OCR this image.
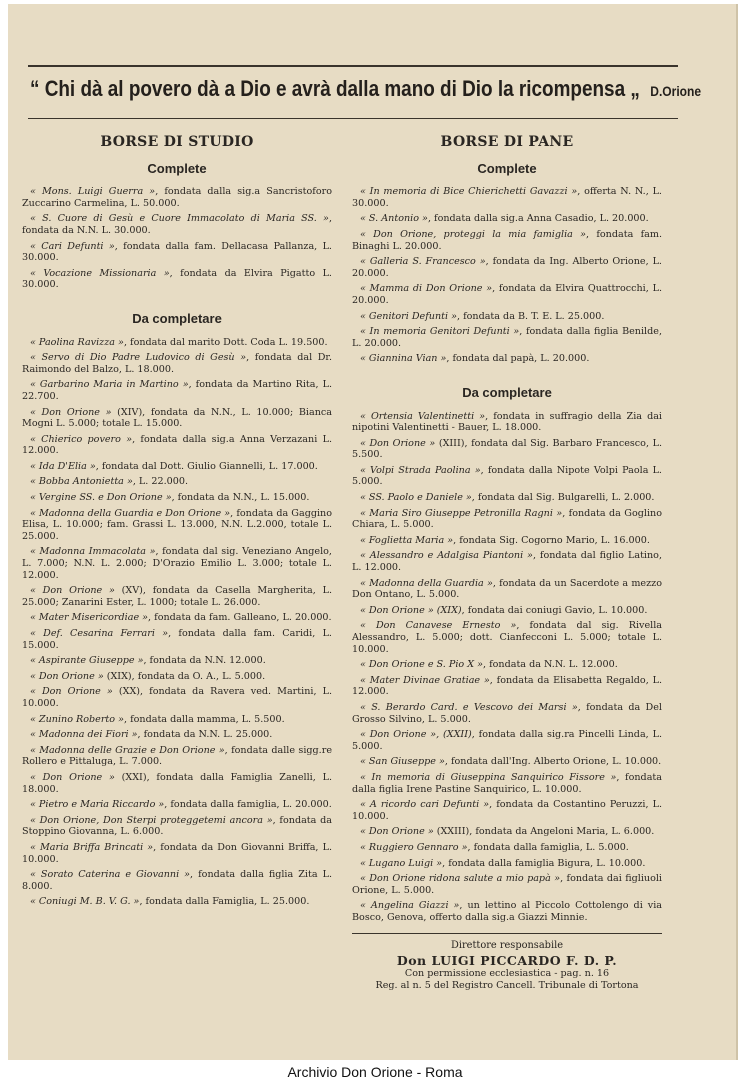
“ Chi dà al povero dà a Dio e avrà dalla mano di Dio la ricompensa „ D.Orione
BORSE DI STUDIO
Complete

« Mons. Luigi Guerra », fondata dalla sig.a Sancristoforo Zuccarino Carmelina, L. 50.000.

« S. Cuore di Gesù e Cuore Immacolato di Maria SS. », fondata da N.N. L. 30.000.

« Cari Defunti », fondata dalla fam. Dellacasa Pallanza, L. 30.000.

« Vocazione Missionaria », fondata da Elvira Pigatto L. 30.000.

Da completare

« Paolina Ravizza », fondata dal marito Dott. Coda L. 19.500.

« Servo di Dio Padre Ludovico di Gesù », fondata dal Dr. Raimondo del Balzo, L. 18.000.

« Garbarino Maria in Martino », fondata da Martino Rita, L. 22.700.

« Don Orione » (XIV), fondata da N.N., L. 10.000; Bianca Mogni L. 5.000; totale L. 15.000.

« Chierico povero », fondata dalla sig.a Anna Verzazani L. 12.000.

« Ida D'Elia », fondata dal Dott. Giulio Giannelli, L. 17.000.

« Bobba Antonietta », L. 22.000.

« Vergine SS. e Don Orione », fondata da N.N., L. 15.000.

« Madonna della Guardia e Don Orione », fondata da Gaggino Elisa, L. 10.000; fam. Grassi L. 13.000, N.N. L.2.000, totale L. 25.000.

« Madonna Immacolata », fondata dal sig. Veneziano Angelo, L. 7.000; N.N. L. 2.000; D'Orazio Emilio L. 3.000; totale L. 12.000.

« Don Orione » (XV), fondata da Casella Margherita, L. 25.000; Zanarini Ester, L. 1000; totale L. 26.000.

« Mater Misericordiae », fondata da fam. Galleano, L. 20.000.

« Def. Cesarina Ferrari », fondata dalla fam. Caridi, L. 15.000.

« Aspirante Giuseppe », fondata da N.N. 12.000.

« Don Orione » (XIX), fondata da O. A., L. 5.000.

« Don Orione » (XX), fondata da Ravera ved. Martini, L. 10.000.

« Zunino Roberto », fondata dalla mamma, L. 5.500.

« Madonna dei Fiori », fondata da N.N. L. 25.000.

« Madonna delle Grazie e Don Orione », fondata dalle sigg.re Rollero e Pittaluga, L. 7.000.

« Don Orione » (XXI), fondata dalla Famiglia Zanelli, L. 18.000.

« Pietro e Maria Riccardo », fondata dalla famiglia, L. 20.000.

« Don Orione, Don Sterpi proteggetemi ancora », fondata da Stoppino Giovanna, L. 6.000.

« Maria Briffa Brincati », fondata da Don Giovanni Briffa, L. 10.000.

« Sorato Caterina e Giovanni », fondata dalla figlia Zita L. 8.000.

« Coniugi M. B. V. G. », fondata dalla Famiglia, L. 25.000.

BORSE DI PANE
Complete

« In memoria di Bice Chierichetti Gavazzi », offerta N. N., L. 30.000.

« S. Antonio », fondata dalla sig.a Anna Casadio, L. 20.000.

« Don Orione, proteggi la mia famiglia », fondata fam. Binaghi L. 20.000.

« Galleria S. Francesco », fondata da Ing. Alberto Orione, L. 20.000.

« Mamma di Don Orione », fondata da Elvira Quattrocchi, L. 20.000.

« Genitori Defunti », fondata da B. T. E. L. 25.000.

« In memoria Genitori Defunti », fondata dalla figlia Benilde, L. 20.000.

« Giannina Vian », fondata dal papà, L. 20.000.

Da completare

« Ortensia Valentinetti », fondata in suffragio della Zia dai nipotini Valentinetti - Bauer, L. 18.000.

« Don Orione » (XIII), fondata dal Sig. Barbaro Francesco, L. 5.500.

« Volpi Strada Paolina », fondata dalla Nipote Volpi Paola L. 5.000.

« SS. Paolo e Daniele », fondata dal Sig. Bulgarelli, L. 2.000.

« Maria Siro Giuseppe Petronilla Ragni », fondata da Goglino Chiara, L. 5.000.

« Foglietta Maria », fondata Sig. Cogorno Mario, L. 16.000.

« Alessandro e Adalgisa Piantoni », fondata dal figlio Latino, L. 12.000.

« Madonna della Guardia », fondata da un Sacerdote a mezzo Don Ontano, L. 5.000.

« Don Orione » (XIX), fondata dai coniugi Gavio, L. 10.000.

« Don Canavese Ernesto », fondata dal sig. Rivella Alessandro, L. 5.000; dott. Cianfecconi L. 5.000; totale L. 10.000.

« Don Orione e S. Pio X », fondata da N.N. L. 12.000.

« Mater Divinae Gratiae », fondata da Elisabetta Regaldo, L. 12.000.

« S. Berardo Card. e Vescovo dei Marsi », fondata da Del Grosso Silvino, L. 5.000.

« Don Orione », (XXII), fondata dalla sig.ra Pincelli Linda, L. 5.000.

« San Giuseppe », fondata dall'Ing. Alberto Orione, L. 10.000.

« In memoria di Giuseppina Sanquirico Fissore », fondata dalla figlia Irene Pastine Sanquirico, L. 10.000.

« A ricordo cari Defunti », fondata da Costantino Peruzzi, L. 10.000.

« Don Orione » (XXIII), fondata da Angeloni Maria, L. 6.000.

« Ruggiero Gennaro », fondata dalla famiglia, L. 5.000.

« Lugano Luigi », fondata dalla famiglia Bigura, L. 10.000.

« Don Orione ridona salute a mio papà », fondata dai figliuoli Orione, L. 5.000.

« Angelina Giazzi », un lettino al Piccolo Cottolengo di via Bosco, Genova, offerto dalla sig.a Giazzi Minnie.

Direttore responsabile
Don LUIGI PICCARDO F. D. P.
Con permissione ecclesiastica - pag. n. 16
Reg. al n. 5 del Registro Cancell. Tribunale di Tortona
Archivio Don Orione - Roma
